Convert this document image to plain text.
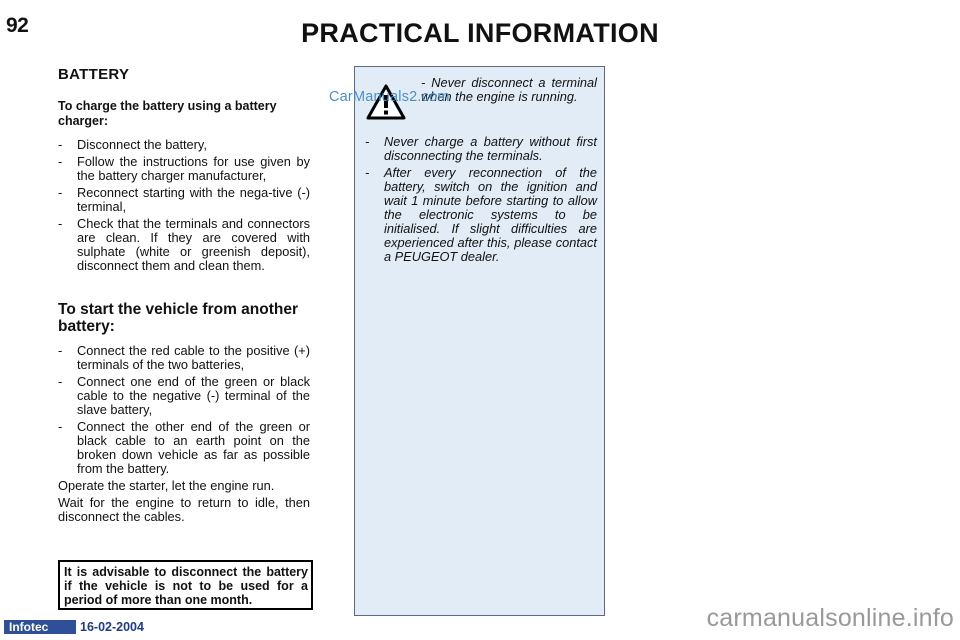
92	PRACTICAL INFORMATION
BATTERY
To charge the battery using a battery charger:
- Disconnect the battery,
- Follow the instructions for use given by the battery charger manufacturer,
- Reconnect starting with the nega-tive (-) terminal,
- Check that the terminals and connectors are clean. If they are covered with sulphate (white or greenish deposit), disconnect them and clean them.
To start the vehicle from another battery:
- Connect the red cable to the positive (+) terminals of the two batteries,
- Connect one end of the green or black cable to the negative (-) terminal of the slave battery,
- Connect the other end of the green or black cable to an earth point on the broken down vehicle as far as possible from the battery.

Operate the starter, let the engine run.

Wait for the engine to return to idle, then disconnect the cables.

It is advisable to disconnect the battery if the vehicle is not to be used for a period of more than one month.
- Never disconnect a terminal when the engine is running.
CarManuals2.com
- Never charge a battery without first disconnecting the terminals.
- After every reconnection of the battery, switch on the ignition and wait 1 minute before starting to allow the electronic systems to be initialised. If slight difficulties are experienced after this, please contact a PEUGEOT dealer.
Infotec	16-02-2004	carmanualsonline.info
